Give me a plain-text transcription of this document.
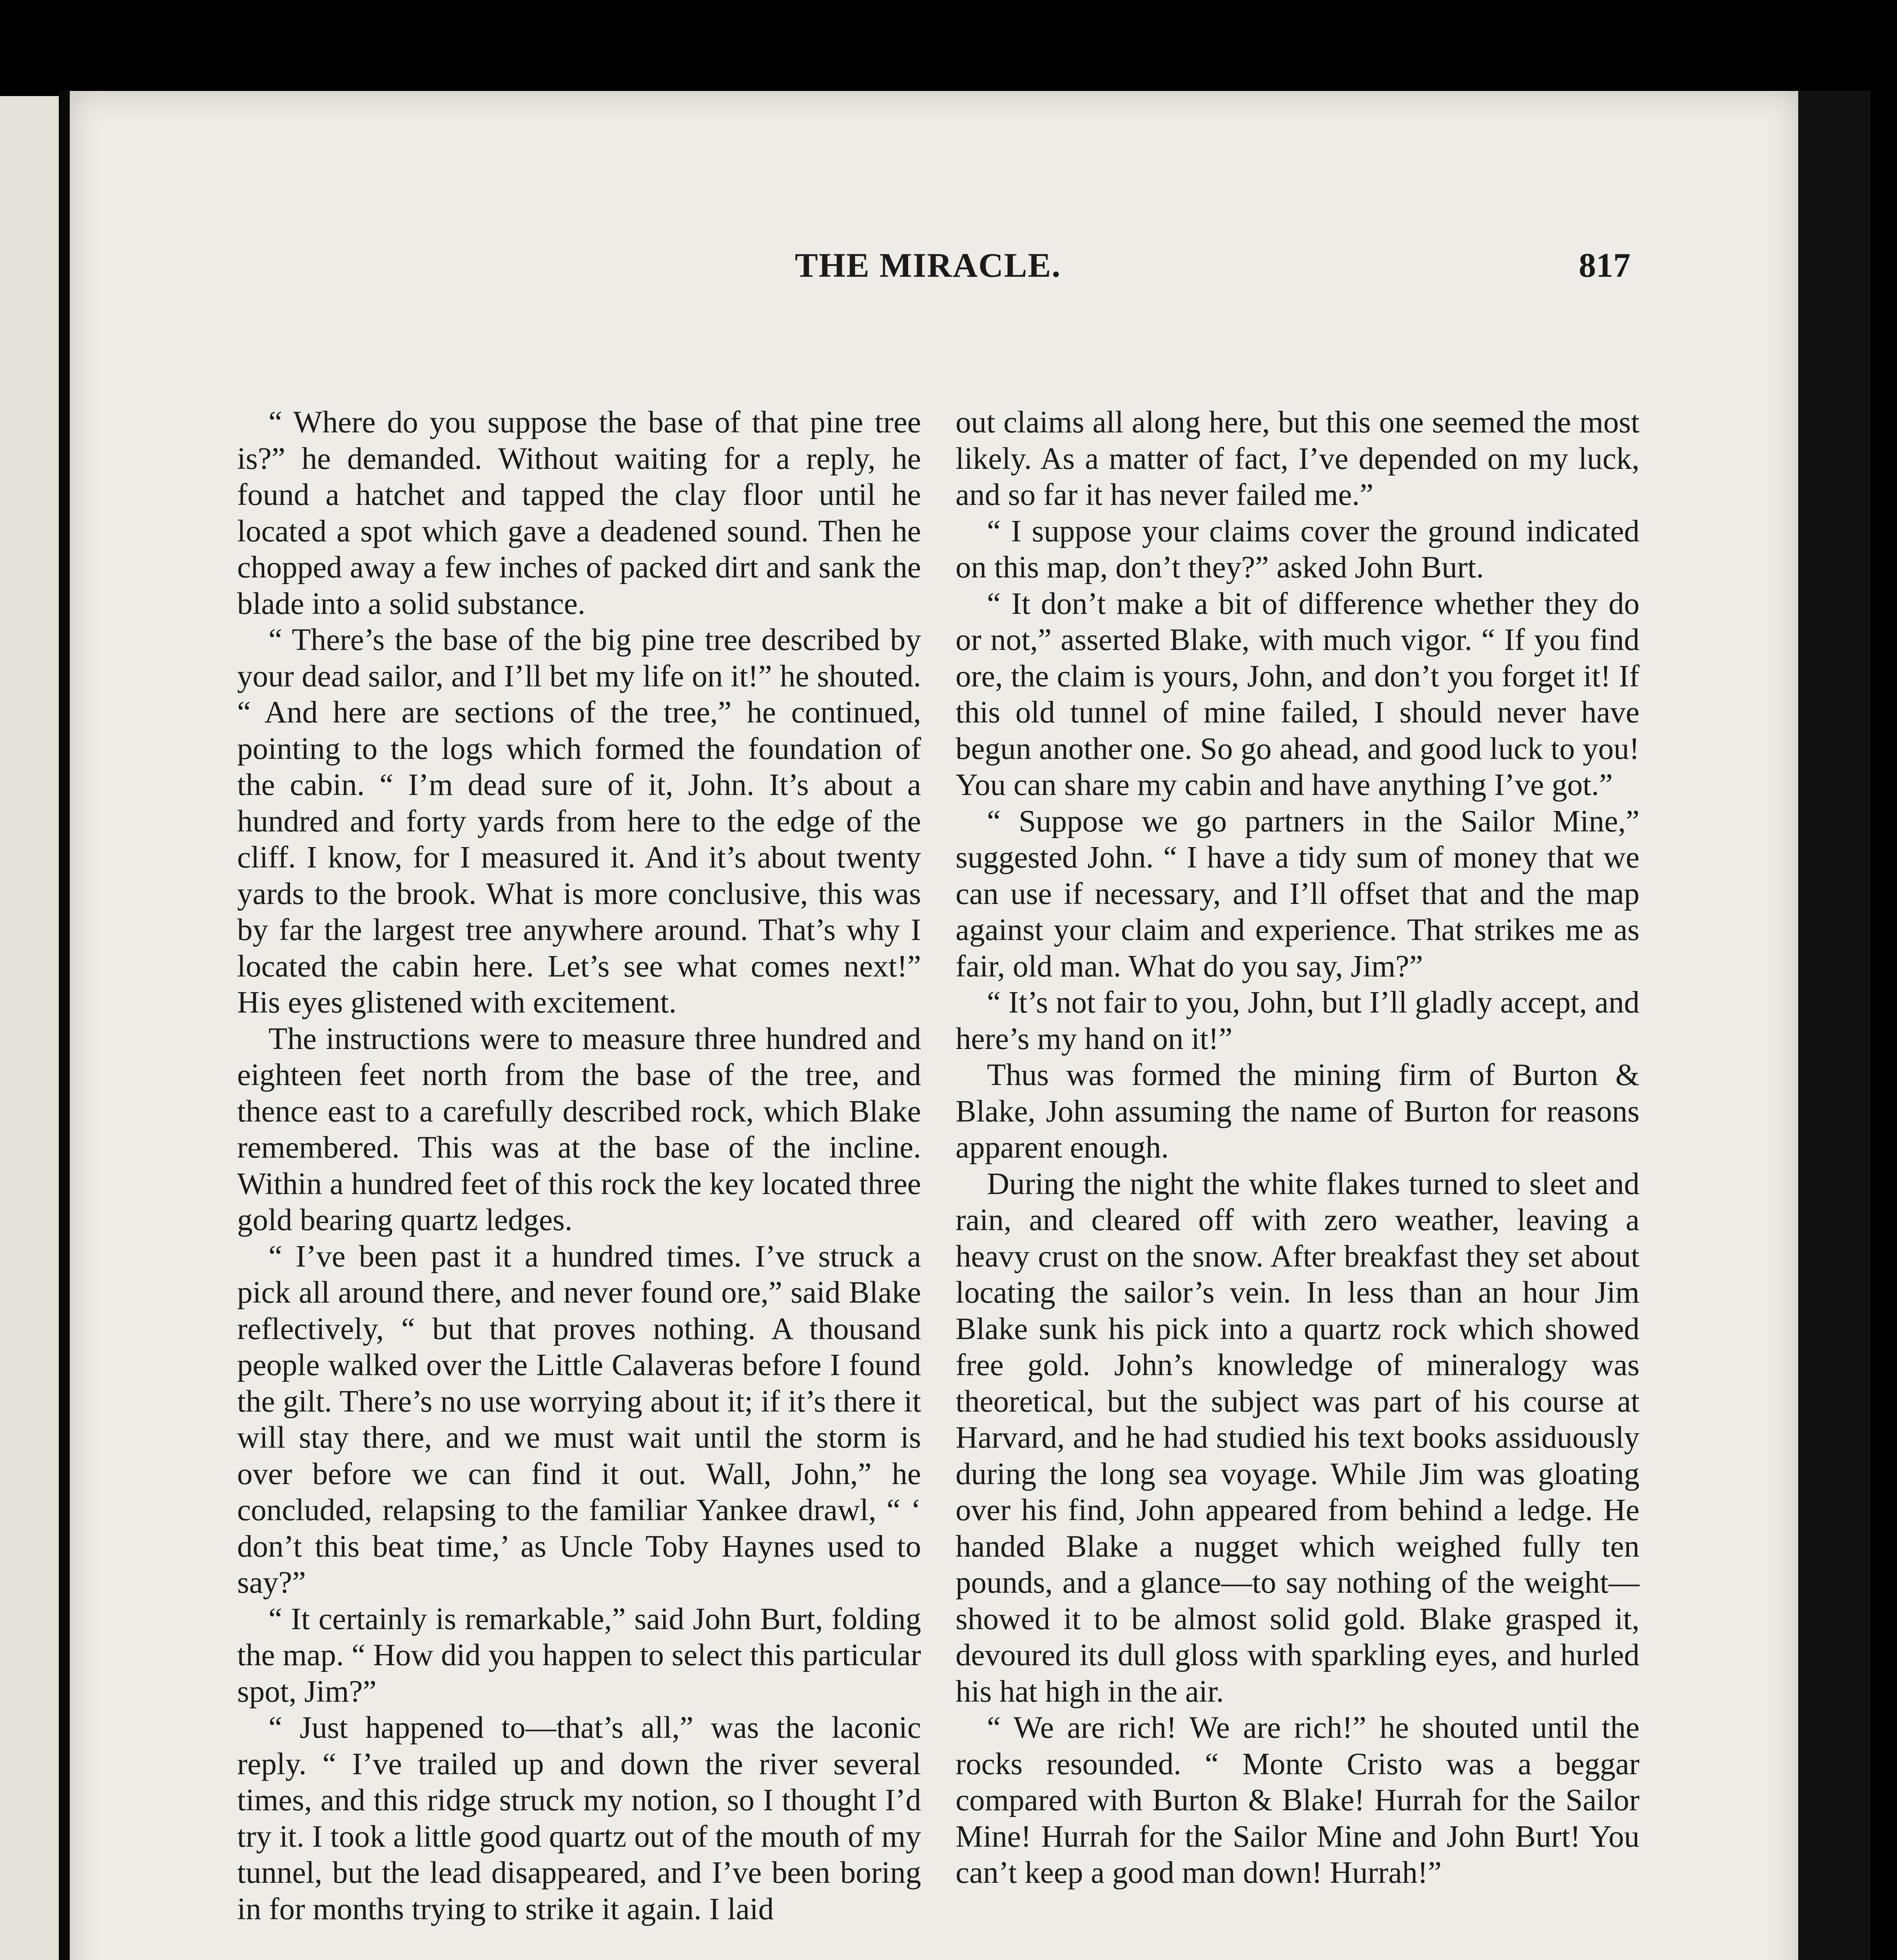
THE MIRACLE.	817

“ Where do you suppose the base of that pine tree is?” he demanded. Without waiting for a reply, he found a hatchet and tapped the clay floor until he located a spot which gave a deadened sound. Then he chopped away a few inches of packed dirt and sank the blade into a solid substance.

“ There’s the base of the big pine tree described by your dead sailor, and I’ll bet my life on it!” he shouted. “ And here are sections of the tree,” he continued, pointing to the logs which formed the foundation of the cabin. “ I’m dead sure of it, John. It’s about a hundred and forty yards from here to the edge of the cliff. I know, for I measured it. And it’s about twenty yards to the brook. What is more conclusive, this was by far the largest tree anywhere around. That’s why I located the cabin here. Let’s see what comes next!” His eyes glistened with excitement.

The instructions were to measure three hundred and eighteen feet north from the base of the tree, and thence east to a carefully described rock, which Blake remembered. This was at the base of the incline. Within a hundred feet of this rock the key located three gold bearing quartz ledges.

“ I’ve been past it a hundred times. I’ve struck a pick all around there, and never found ore,” said Blake reflectively, “ but that proves nothing. A thousand people walked over the Little Calaveras before I found the gilt. There’s no use worrying about it; if it’s there it will stay there, and we must wait until the storm is over before we can find it out. Wall, John,” he concluded, relapsing to the familiar Yankee drawl, “ ‘ don’t this beat time,’ as Uncle Toby Haynes used to say?”

“ It certainly is remarkable,” said John Burt, folding the map. “ How did you happen to select this particular spot, Jim?”

“ Just happened to—that’s all,” was the laconic reply. “ I’ve trailed up and down the river several times, and this ridge struck my notion, so I thought I’d try it. I took a little good quartz out of the mouth of my tunnel, but the lead disappeared, and I’ve been boring in for months trying to strike it again. I laid

out claims all along here, but this one seemed the most likely. As a matter of fact, I’ve depended on my luck, and so far it has never failed me.”

“ I suppose your claims cover the ground indicated on this map, don’t they?” asked John Burt.

“ It don’t make a bit of difference whether they do or not,” asserted Blake, with much vigor. “ If you find ore, the claim is yours, John, and don’t you forget it! If this old tunnel of mine failed, I should never have begun another one. So go ahead, and good luck to you! You can share my cabin and have anything I’ve got.”

“ Suppose we go partners in the Sailor Mine,” suggested John. “ I have a tidy sum of money that we can use if necessary, and I’ll offset that and the map against your claim and experience. That strikes me as fair, old man. What do you say, Jim?”

“ It’s not fair to you, John, but I’ll gladly accept, and here’s my hand on it!”

Thus was formed the mining firm of Burton & Blake, John assuming the name of Burton for reasons apparent enough.

During the night the white flakes turned to sleet and rain, and cleared off with zero weather, leaving a heavy crust on the snow. After breakfast they set about locating the sailor’s vein. In less than an hour Jim Blake sunk his pick into a quartz rock which showed free gold. John’s knowledge of mineralogy was theoretical, but the subject was part of his course at Harvard, and he had studied his text books assiduously during the long sea voyage. While Jim was gloating over his find, John appeared from behind a ledge. He handed Blake a nugget which weighed fully ten pounds, and a glance—to say nothing of the weight—showed it to be almost solid gold. Blake grasped it, devoured its dull gloss with sparkling eyes, and hurled his hat high in the air.

“ We are rich! We are rich!” he shouted until the rocks resounded. “ Monte Cristo was a beggar compared with Burton & Blake! Hurrah for the Sailor Mine! Hurrah for the Sailor Mine and John Burt! You can’t keep a good man down! Hurrah!”
